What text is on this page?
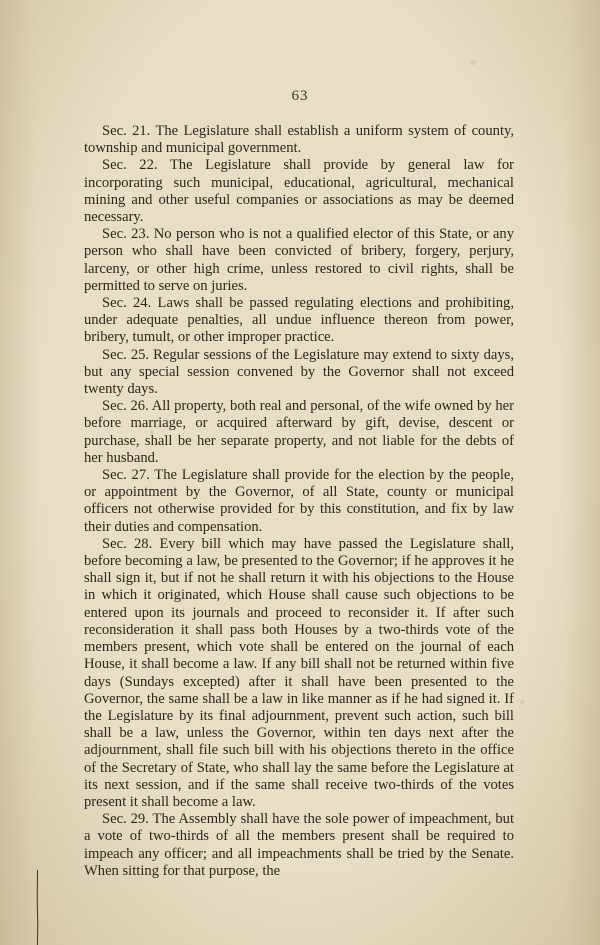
63

Sec. 21. The Legislature shall establish a uniform system of county, township and municipal government.

Sec. 22. The Legislature shall provide by general law for incorporating such municipal, educational, agricultural, mechanical mining and other useful companies or associations as may be deemed necessary.

Sec. 23. No person who is not a qualified elector of this State, or any person who shall have been convicted of bribery, forgery, perjury, larceny, or other high crime, unless restored to civil rights, shall be permitted to serve on juries.

Sec. 24. Laws shall be passed regulating elections and prohibiting, under adequate penalties, all undue influence thereon from power, bribery, tumult, or other improper practice.

Sec. 25. Regular sessions of the Legislature may extend to sixty days, but any special session convened by the Governor shall not exceed twenty days.

Sec. 26. All property, both real and personal, of the wife owned by her before marriage, or acquired afterward by gift, devise, descent or purchase, shall be her separate property, and not liable for the debts of her husband.

Sec. 27. The Legislature shall provide for the election by the people, or appointment by the Governor, of all State, county or municipal officers not otherwise provided for by this constitution, and fix by law their duties and compensation.

Sec. 28. Every bill which may have passed the Legislature shall, before becoming a law, be presented to the Governor; if he approves it he shall sign it, but if not he shall return it with his objections to the House in which it originated, which House shall cause such objections to be entered upon its journals and proceed to reconsider it. If after such reconsideration it shall pass both Houses by a two-thirds vote of the members present, which vote shall be entered on the journal of each House, it shall become a law. If any bill shall not be returned within five days (Sundays excepted) after it shall have been presented to the Governor, the same shall be a law in like manner as if he had signed it. If the Legislature by its final adjournment, prevent such action, such bill shall be a law, unless the Governor, within ten days next after the adjournment, shall file such bill with his objections thereto in the office of the Secretary of State, who shall lay the same before the Legislature at its next session, and if the same shall receive two-thirds of the votes present it shall become a law.

Sec. 29. The Assembly shall have the sole power of impeachment, but a vote of two-thirds of all the members present shall be required to impeach any officer; and all impeachments shall be tried by the Senate. When sitting for that purpose, the
